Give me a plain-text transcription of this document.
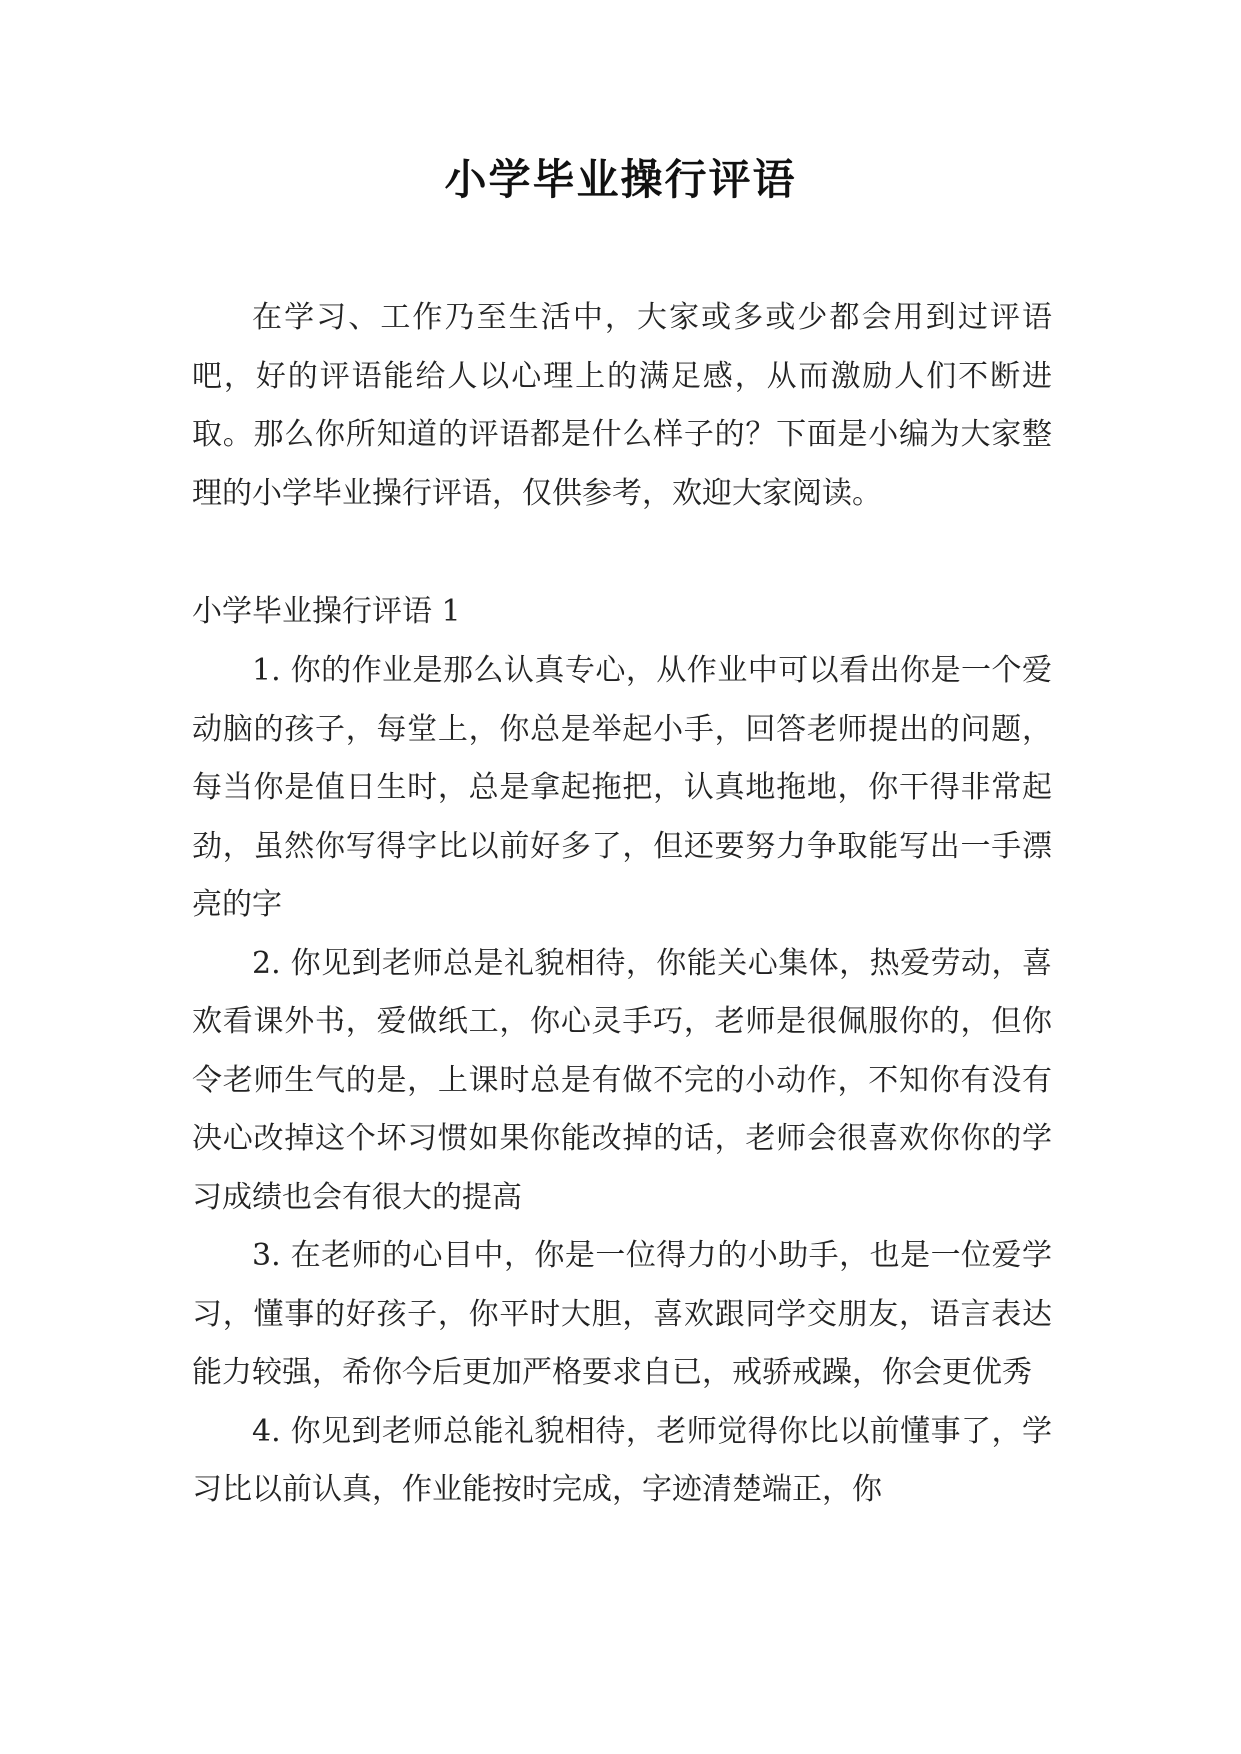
小学毕业操行评语

在学习、工作乃至生活中，大家或多或少都会用到过评语吧，好的评语能给人以心理上的满足感，从而激励人们不断进取。那么你所知道的评语都是什么样子的？下面是小编为大家整理的小学毕业操行评语，仅供参考，欢迎大家阅读。

小学毕业操行评语 1

1. 你的作业是那么认真专心，从作业中可以看出你是一个爱动脑的孩子，每堂上，你总是举起小手，回答老师提出的问题，每当你是值日生时，总是拿起拖把，认真地拖地，你干得非常起劲，虽然你写得字比以前好多了，但还要努力争取能写出一手漂亮的字

2. 你见到老师总是礼貌相待，你能关心集体，热爱劳动，喜欢看课外书，爱做纸工，你心灵手巧，老师是很佩服你的，但你令老师生气的是，上课时总是有做不完的小动作，不知你有没有决心改掉这个坏习惯如果你能改掉的话，老师会很喜欢你你的学习成绩也会有很大的提高

3. 在老师的心目中，你是一位得力的小助手，也是一位爱学习，懂事的好孩子，你平时大胆，喜欢跟同学交朋友，语言表达能力较强，希你今后更加严格要求自已，戒骄戒躁，你会更优秀

4. 你见到老师总能礼貌相待，老师觉得你比以前懂事了，学习比以前认真，作业能按时完成，字迹清楚端正，你
